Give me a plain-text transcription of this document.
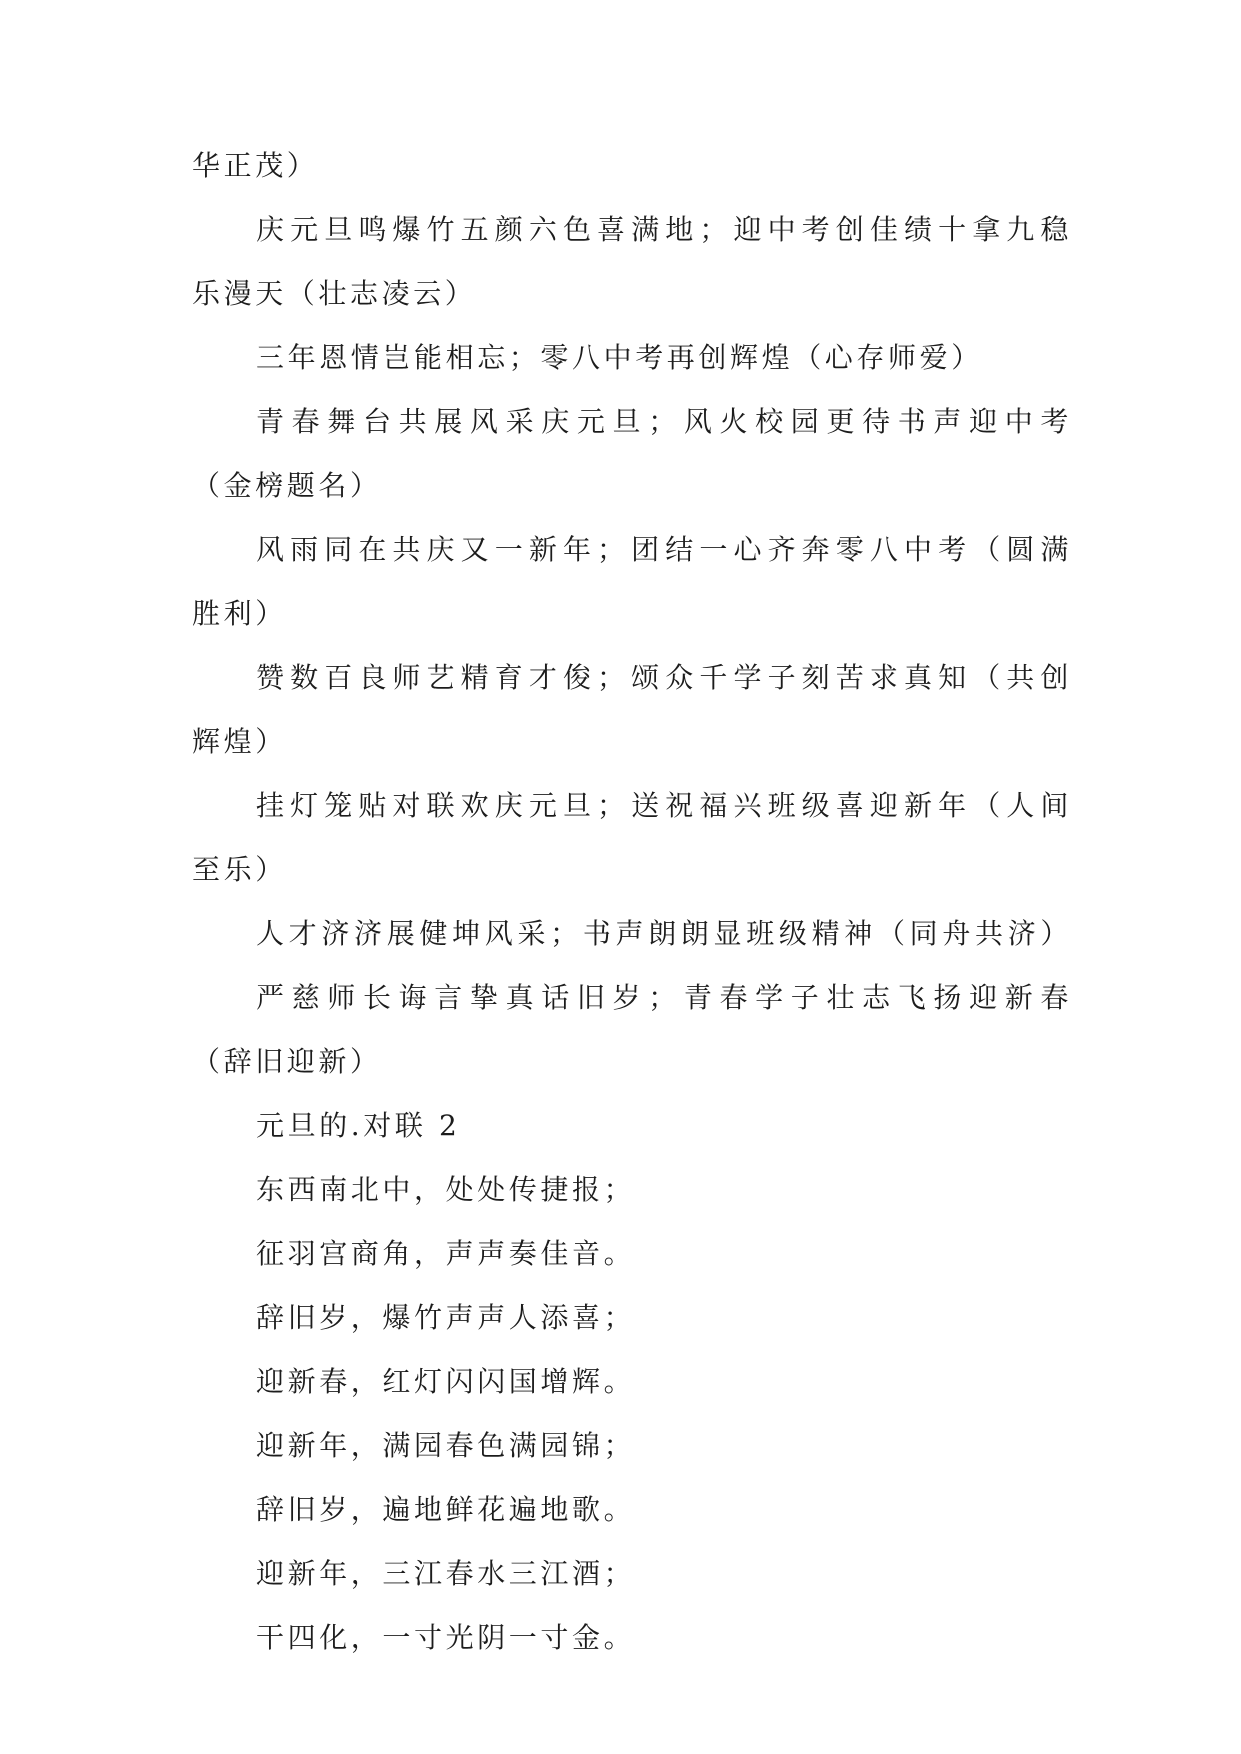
华正茂）
庆元旦鸣爆竹五颜六色喜满地；迎中考创佳绩十拿九稳
乐漫天（壮志凌云）
三年恩情岂能相忘；零八中考再创辉煌（心存师爱）
青春舞台共展风采庆元旦；风火校园更待书声迎中考
（金榜题名）
风雨同在共庆又一新年；团结一心齐奔零八中考（圆满
胜利）
赞数百良师艺精育才俊；颂众千学子刻苦求真知（共创
辉煌）
挂灯笼贴对联欢庆元旦；送祝福兴班级喜迎新年（人间
至乐）
人才济济展健坤风采；书声朗朗显班级精神（同舟共济）
严慈师长诲言挚真话旧岁；青春学子壮志飞扬迎新春
（辞旧迎新）
元旦的.对联 2
东西南北中，处处传捷报；
征羽宫商角，声声奏佳音。
辞旧岁，爆竹声声人添喜；
迎新春，红灯闪闪国增辉。
迎新年，满园春色满园锦；
辞旧岁，遍地鲜花遍地歌。
迎新年，三江春水三江酒；
干四化，一寸光阴一寸金。
